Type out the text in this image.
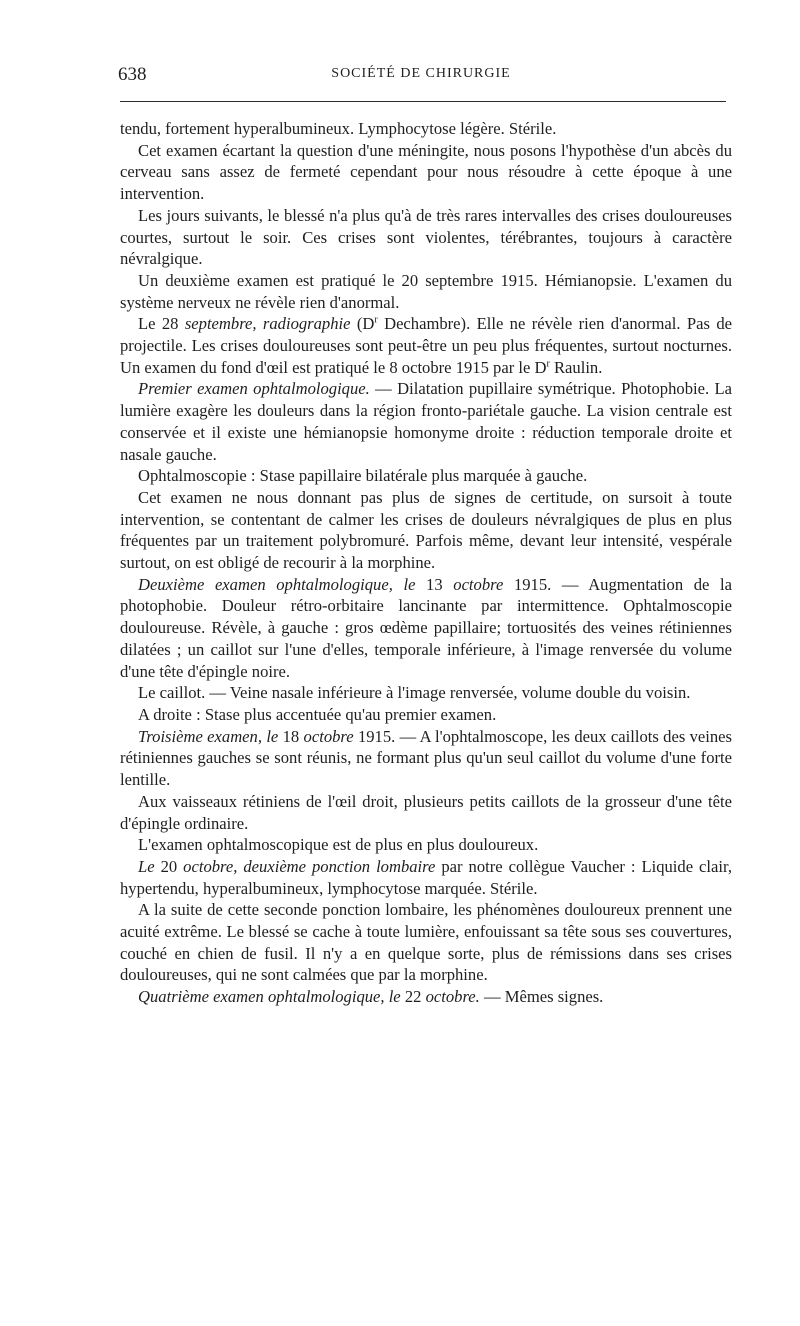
638	SOCIÉTÉ DE CHIRURGIE

tendu, fortement hyperalbumineux. Lymphocytose légère. Stérile.

Cet examen écartant la question d'une méningite, nous posons l'hypothèse d'un abcès du cerveau sans assez de fermeté cependant pour nous résoudre à cette époque à une intervention.

Les jours suivants, le blessé n'a plus qu'à de très rares intervalles des crises douloureuses courtes, surtout le soir. Ces crises sont violentes, térébrantes, toujours à caractère névralgique.

Un deuxième examen est pratiqué le 20 septembre 1915. Hémianopsie. L'examen du système nerveux ne révèle rien d'anormal.

Le 28 septembre, radiographie ($D^r$ Dechambre). Elle ne révèle rien d'anormal. Pas de projectile. Les crises douloureuses sont peut-être un peu plus fréquentes, surtout nocturnes. Un examen du fond d'œil est pratiqué le 8 octobre 1915 par le $D^r$ Raulin.

Premier examen ophtalmologique. — Dilatation pupillaire symétrique. Photophobie. La lumière exagère les douleurs dans la région fronto-pariétale gauche. La vision centrale est conservée et il existe une hémianopsie homonyme droite : réduction temporale droite et nasale gauche.

Ophtalmoscopie : Stase papillaire bilatérale plus marquée à gauche.

Cet examen ne nous donnant pas plus de signes de certitude, on sursoit à toute intervention, se contentant de calmer les crises de douleurs névralgiques de plus en plus fréquentes par un traitement polybromuré. Parfois même, devant leur intensité, vespérale surtout, on est obligé de recourir à la morphine.

Deuxième examen ophtalmologique, le 13 octobre 1915. — Augmentation de la photophobie. Douleur rétro-orbitaire lancinante par intermittence. Ophtalmoscopie douloureuse. Révèle, à gauche : gros œdème papillaire; tortuosités des veines rétiniennes dilatées ; un caillot sur l'une d'elles, temporale inférieure, à l'image renversée du volume d'une tête d'épingle noire.

Le caillot. — Veine nasale inférieure à l'image renversée, volume double du voisin.

A droite : Stase plus accentuée qu'au premier examen.

Troisième examen, le 18 octobre 1915. — A l'ophtalmoscope, les deux caillots des veines rétiniennes gauches se sont réunis, ne formant plus qu'un seul caillot du volume d'une forte lentille.

Aux vaisseaux rétiniens de l'œil droit, plusieurs petits caillots de la grosseur d'une tête d'épingle ordinaire.

L'examen ophtalmoscopique est de plus en plus douloureux.

Le 20 octobre, deuxième ponction lombaire par notre collègue Vaucher : Liquide clair, hypertendu, hyperalbumineux, lymphocytose marquée. Stérile.

A la suite de cette seconde ponction lombaire, les phénomènes douloureux prennent une acuité extrême. Le blessé se cache à toute lumière, enfouissant sa tête sous ses couvertures, couché en chien de fusil. Il n'y a en quelque sorte, plus de rémissions dans ses crises douloureuses, qui ne sont calmées que par la morphine.

Quatrième examen ophtalmologique, le 22 octobre. — Mêmes signes.
